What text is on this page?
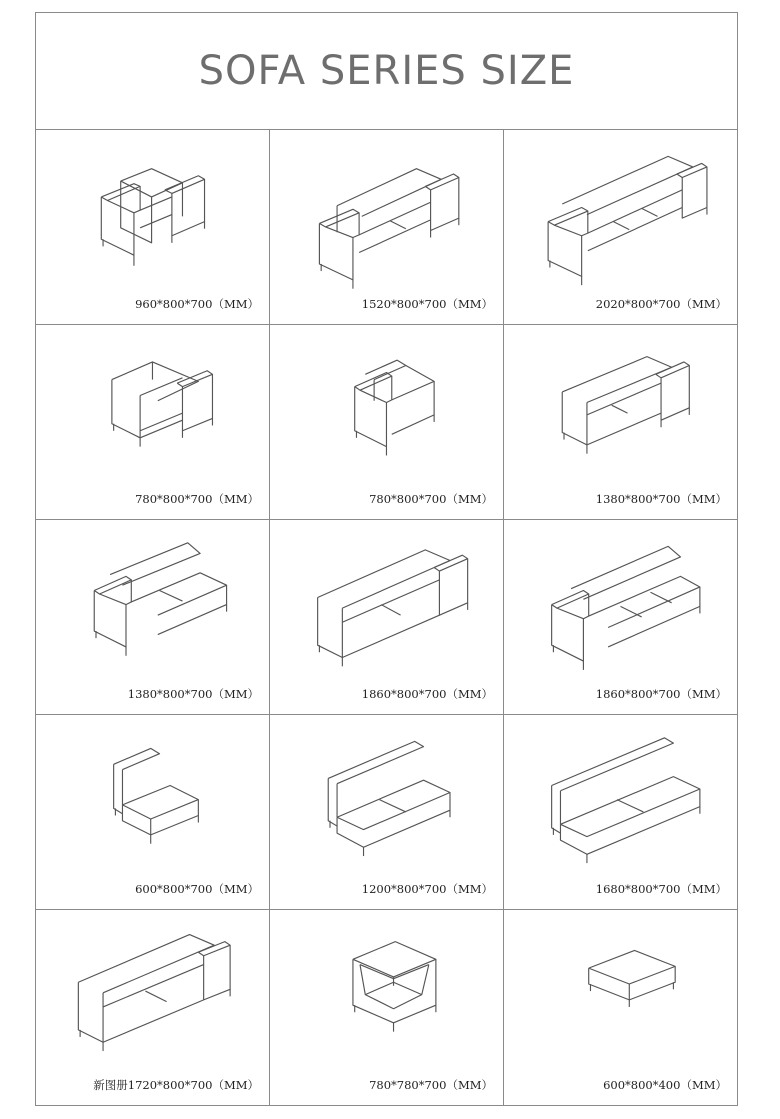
SOFA SERIES SIZE
960*800*700（MM）	1520*800*700（MM）	2020*800*700（MM）
780*800*700（MM）	780*800*700（MM）	1380*800*700（MM）
1380*800*700（MM）	1860*800*700（MM）	1860*800*700（MM）
600*800*700（MM）	1200*800*700（MM）	1680*800*700（MM）
新图册1720*800*700（MM）	780*780*700（MM）	600*800*400（MM）
